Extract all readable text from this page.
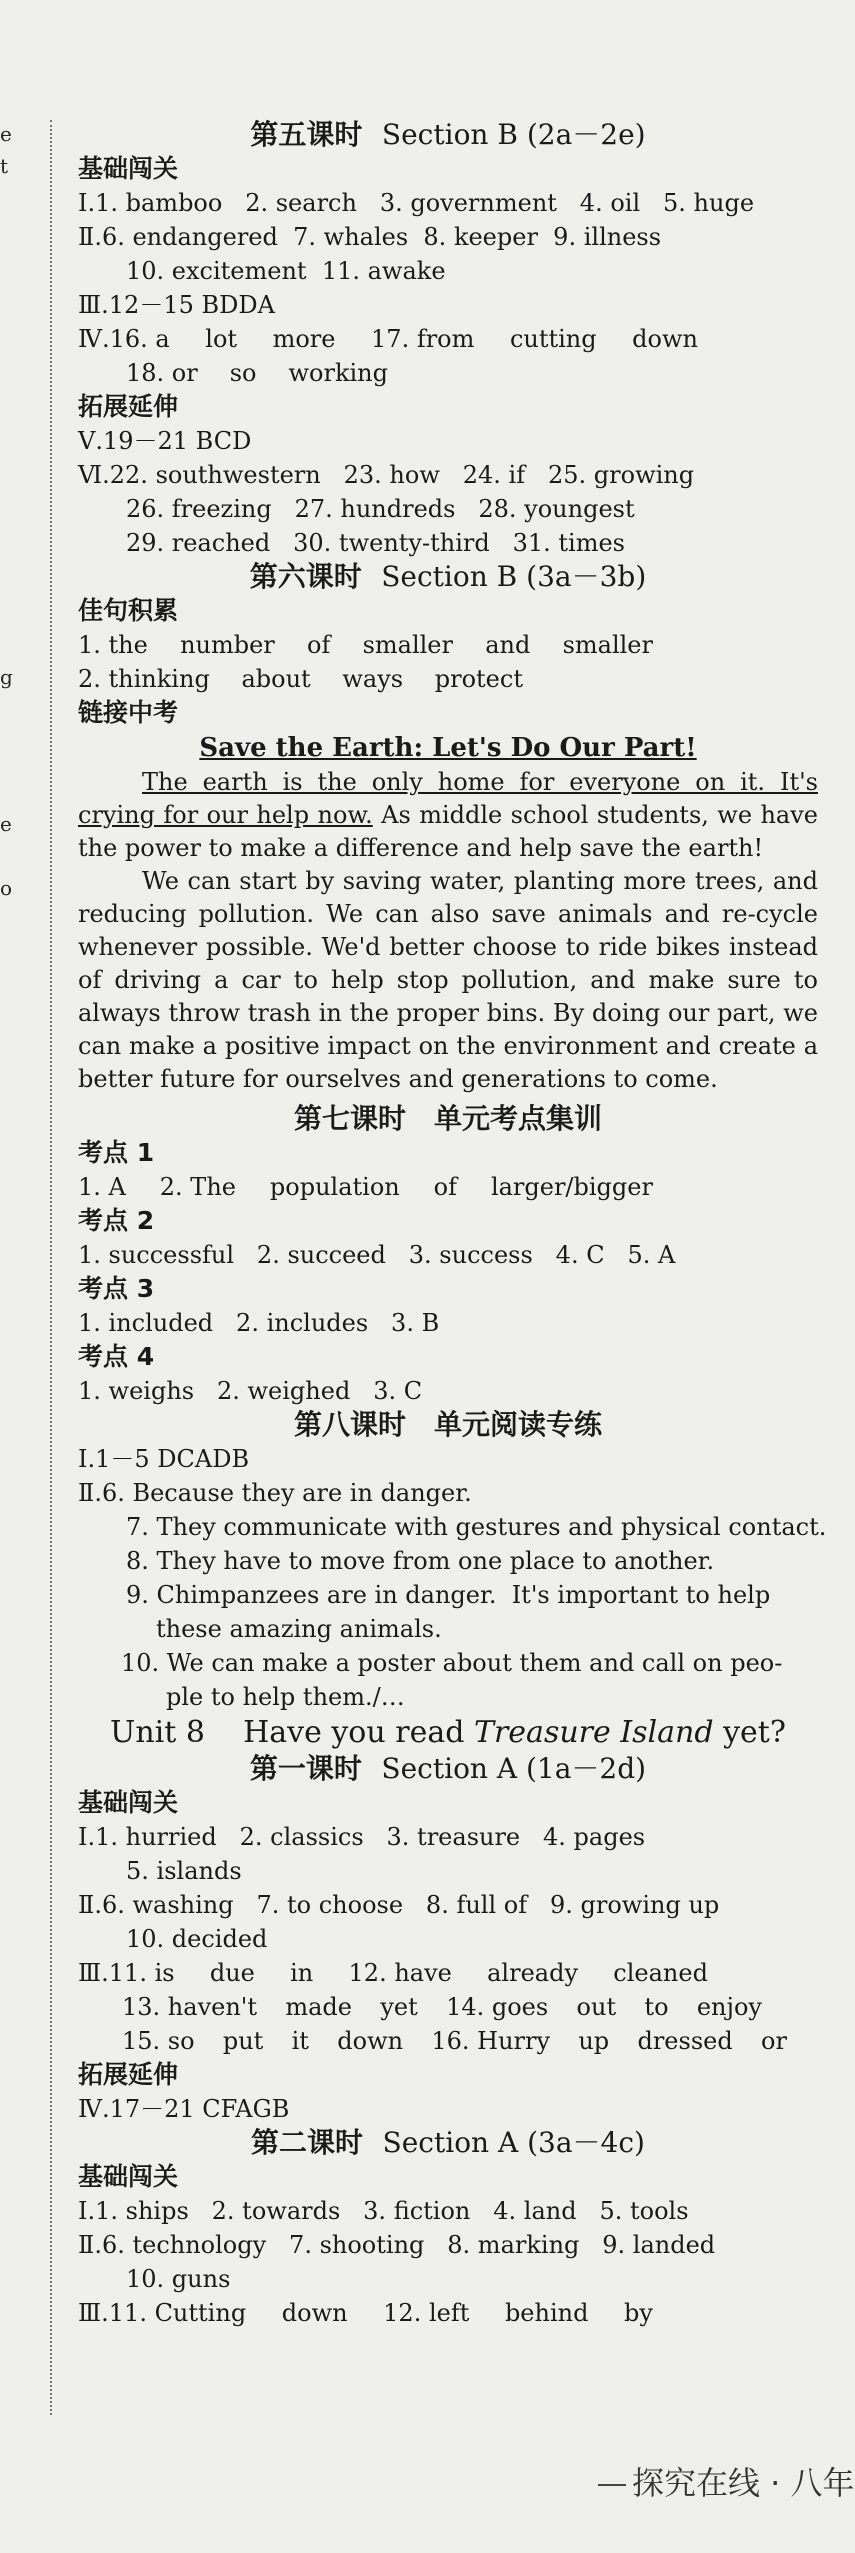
e
t
g
e
o
第五课时 Section B (2a－2e)
基础闯关
Ⅰ.1. bamboo   2. search   3. government   4. oil   5. huge
Ⅱ.6. endangered  7. whales  8. keeper  9. illness
10. excitement  11. awake
Ⅲ.12－15 BDDA
Ⅳ.16. a lot more 17. from cutting down
18. or so working
拓展延伸
Ⅴ.19－21 BCD
Ⅵ.22. southwestern   23. how   24. if   25. growing
26. freezing   27. hundreds   28. youngest
29. reached   30. twenty-third   31. times
第六课时 Section B (3a－3b)
佳句积累
1. the number of smaller and smaller
2. thinking about ways protect
链接中考
Save the Earth: Let's Do Our Part!

The earth is the only home for everyone on it. It's crying for our help now. As middle school students, we have the power to make a difference and help save the earth!

We can start by saving water, planting more trees, and reducing pollution. We can also save animals and re-cycle whenever possible. We'd better choose to ride bikes instead of driving a car to help stop pollution, and make sure to always throw trash in the proper bins. By doing our part, we can make a positive impact on the environment and create a better future for ourselves and generations to come.

第七课时　单元考点集训
考点 1
1. A 2. The population of larger/bigger
考点 2
1. successful   2. succeed   3. success   4. C   5. A
考点 3
1. included   2. includes   3. B
考点 4
1. weighs   2. weighed   3. C
第八课时　单元阅读专练
Ⅰ.1－5 DCADB
Ⅱ.6. Because they are in danger.
7. They communicate with gestures and physical contact.
8. They have to move from one place to another.
9. Chimpanzees are in danger.  It's important to help
these amazing animals.
10. We can make a poster about them and call on peo-
ple to help them./…
Unit 8    Have you read Treasure Island yet?
第一课时 Section A (1a－2d)
基础闯关
Ⅰ.1. hurried   2. classics   3. treasure   4. pages
5. islands
Ⅱ.6. washing   7. to choose   8. full of   9. growing up
10. decided
Ⅲ.11. is due in 12. have already cleaned
13. haven't made yet 14. goes out to enjoy
15. so put it down 16. Hurry up dressed or
拓展延伸
Ⅳ.17－21 CFAGB
第二课时 Section A (3a－4c)
基础闯关
Ⅰ.1. ships   2. towards   3. fiction   4. land   5. tools
Ⅱ.6. technology   7. shooting   8. marking   9. landed
10. guns
Ⅲ.11. Cutting down 12. left behind by
探究在线 · 八年
